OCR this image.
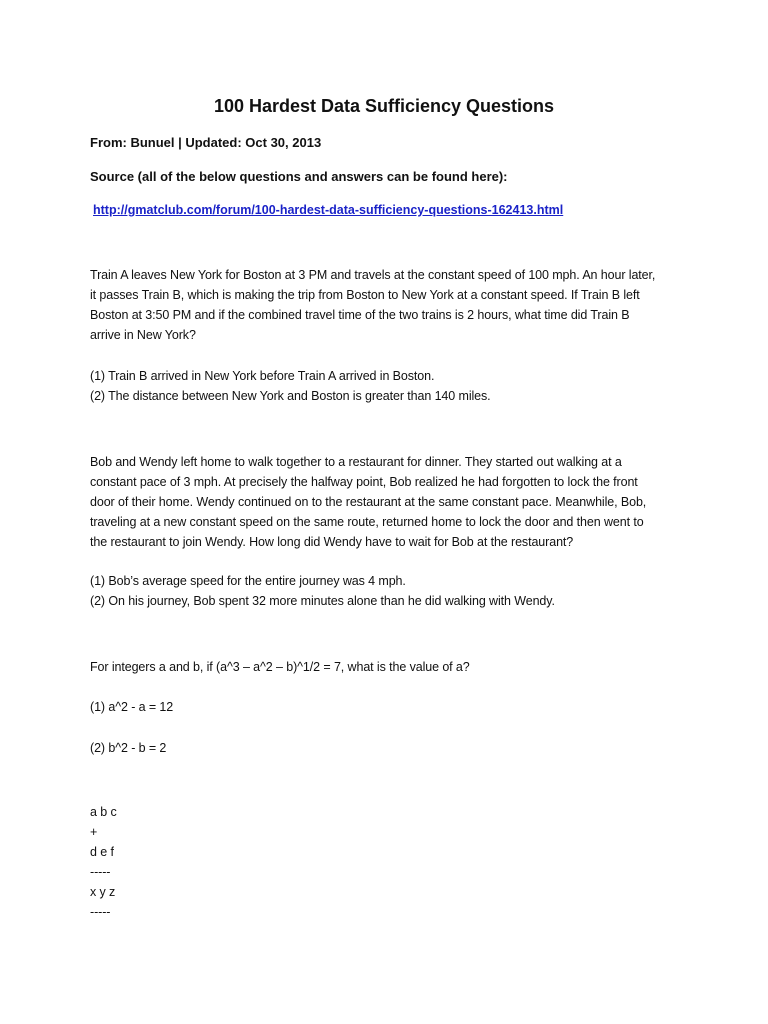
100 Hardest Data Sufficiency Questions

From: Bunuel | Updated: Oct 30, 2013

Source (all of the below questions and answers can be found here):

http://gmatclub.com/forum/100-hardest-data-sufficiency-questions-162413.html
Train A leaves New York for Boston at 3 PM and travels at the constant speed of 100 mph. An hour later,
it passes Train B, which is making the trip from Boston to New York at a constant speed. If Train B left
Boston at 3:50 PM and if the combined travel time of the two trains is 2 hours, what time did Train B
arrive in New York?
(1) Train B arrived in New York before Train A arrived in Boston.
(2) The distance between New York and Boston is greater than 140 miles.
Bob and Wendy left home to walk together to a restaurant for dinner. They started out walking at a
constant pace of 3 mph. At precisely the halfway point, Bob realized he had forgotten to lock the front
door of their home. Wendy continued on to the restaurant at the same constant pace. Meanwhile, Bob,
traveling at a new constant speed on the same route, returned home to lock the door and then went to
the restaurant to join Wendy. How long did Wendy have to wait for Bob at the restaurant?
(1) Bob’s average speed for the entire journey was 4 mph.
(2) On his journey, Bob spent 32 more minutes alone than he did walking with Wendy.
For integers a and b, if (a^3 – a^2 – b)^1/2 = 7, what is the value of a?
(1) a^2 - a = 12
(2) b^2 - b = 2
a b c
+
d e f
-----
x y z
-----
